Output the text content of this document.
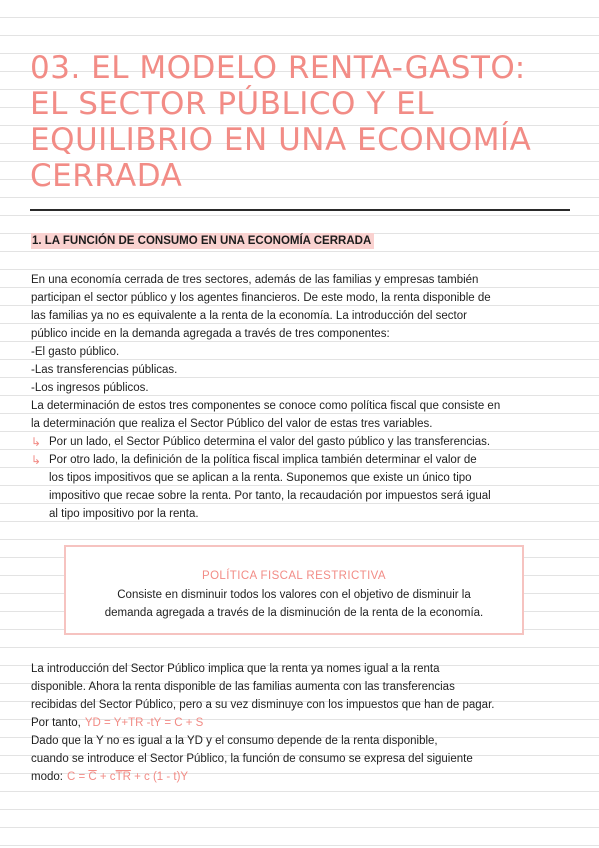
03. EL MODELO RENTA-GASTO:
EL SECTOR PÚBLICO Y EL
EQUILIBRIO EN UNA ECONOMÍA
CERRADA
1. LA FUNCIÓN DE CONSUMO EN UNA ECONOMÍA CERRADA

En una economía cerrada de tres sectores, además de las familias y empresas también

participan el sector público y los agentes financieros. De este modo, la renta disponible de

las familias ya no es equivalente a la renta de la economía. La introducción del sector

público incide en la demanda agregada a través de tres componentes:

-El gasto público.

-Las transferencias públicas.

-Los ingresos públicos.

La determinación de estos tres componentes se conoce como política fiscal que consiste en

la determinación que realiza el Sector Público del valor de estas tres variables.

↳ Por un lado, el Sector Público determina el valor del gasto público y las transferencias.

↳ Por otro lado, la definición de la política fiscal implica también determinar el valor de

los tipos impositivos que se aplican a la renta. Suponemos que existe un único tipo

impositivo que recae sobre la renta. Por tanto, la recaudación por impuestos será igual

al tipo impositivo por la renta.

POLÍTICA FISCAL RESTRICTIVA

Consiste en disminuir todos los valores con el objetivo de disminuir la

demanda agregada a través de la disminución de la renta de la economía.

La introducción del Sector Público implica que la renta ya nomes igual a la renta

disponible. Ahora la renta disponible de las familias aumenta con las transferencias

recibidas del Sector Público, pero a su vez disminuye con los impuestos que han de pagar.

Por tanto, YD = Y+TR -tY = C + S

Dado que la Y no es igual a la YD y el consumo depende de la renta disponible,

cuando se introduce el Sector Público, la función de consumo se expresa del siguiente

modo: $C = \overline{C} + c\overline{TR} + c$ (1 - t)Y
